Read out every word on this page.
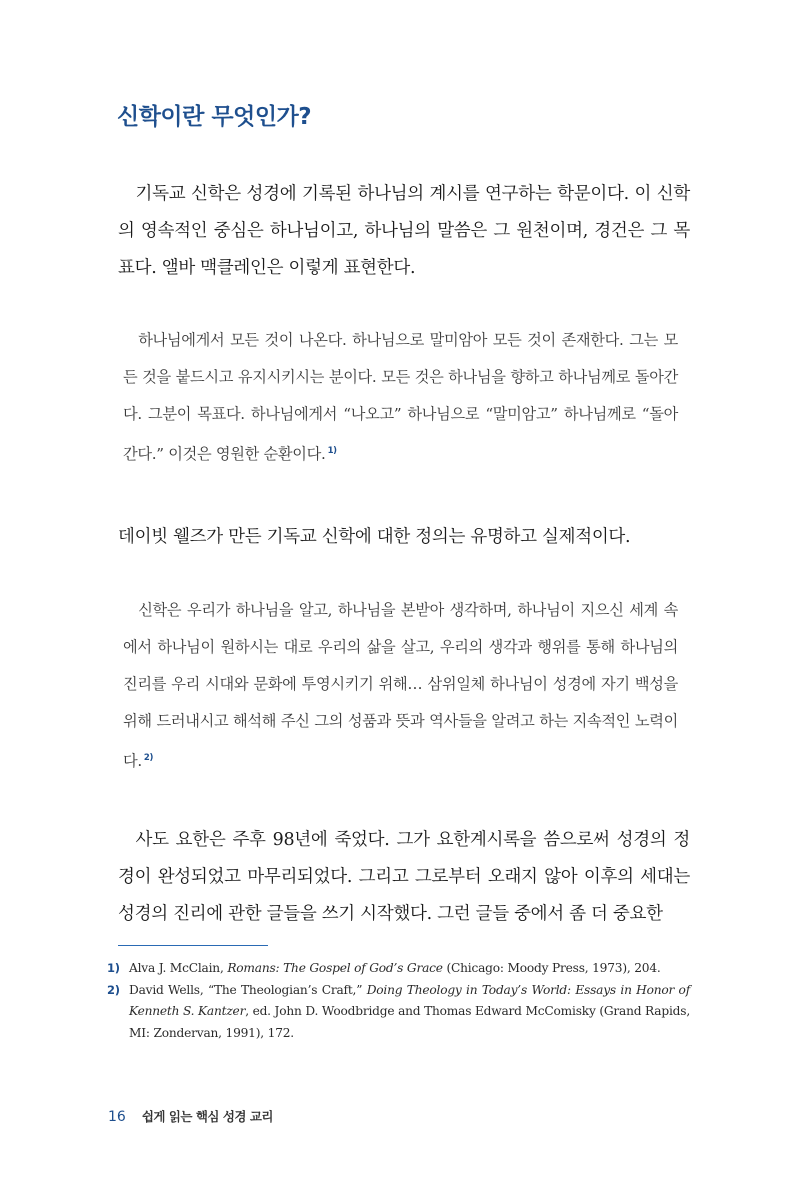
신학이란 무엇인가?
기독교 신학은 성경에 기록된 하나님의 계시를 연구하는 학문이다. 이 신학의 영속적인 중심은 하나님이고, 하나님의 말씀은 그 원천이며, 경건은 그 목표다. 앨바 맥클레인은 이렇게 표현한다.
하나님에게서 모든 것이 나온다. 하나님으로 말미암아 모든 것이 존재한다. 그는 모든 것을 붙드시고 유지시키시는 분이다. 모든 것은 하나님을 향하고 하나님께로 돌아간다. 그분이 목표다. 하나님에게서 “나오고” 하나님으로 “말미암고” 하나님께로 “돌아간다.” 이것은 영원한 순환이다. $^{1)}$
데이빗 웰즈가 만든 기독교 신학에 대한 정의는 유명하고 실제적이다.
신학은 우리가 하나님을 알고, 하나님을 본받아 생각하며, 하나님이 지으신 세계 속에서 하나님이 원하시는 대로 우리의 삶을 살고, 우리의 생각과 행위를 통해 하나님의 진리를 우리 시대와 문화에 투영시키기 위해… 삼위일체 하나님이 성경에 자기 백성을 위해 드러내시고 해석해 주신 그의 성품과 뜻과 역사들을 알려고 하는 지속적인 노력이다. $^{2)}$
사도 요한은 주후 98년에 죽었다. 그가 요한계시록을 씀으로써 성경의 정경이 완성되었고 마무리되었다. 그리고 그로부터 오래지 않아 이후의 세대는 성경의 진리에 관한 글들을 쓰기 시작했다. 그런 글들 중에서 좀 더 중요한
1) Alva J. McClain, Romans: The Gospel of God’s Grace (Chicago: Moody Press, 1973), 204.
2) David Wells, “The Theologian’s Craft,” Doing Theology in Today’s World: Essays in Honor of Kenneth S. Kantzer, ed. John D. Woodbridge and Thomas Edward McComisky (Grand Rapids, MI: Zondervan, 1991), 172.
16 쉽게 읽는 핵심 성경 교리
